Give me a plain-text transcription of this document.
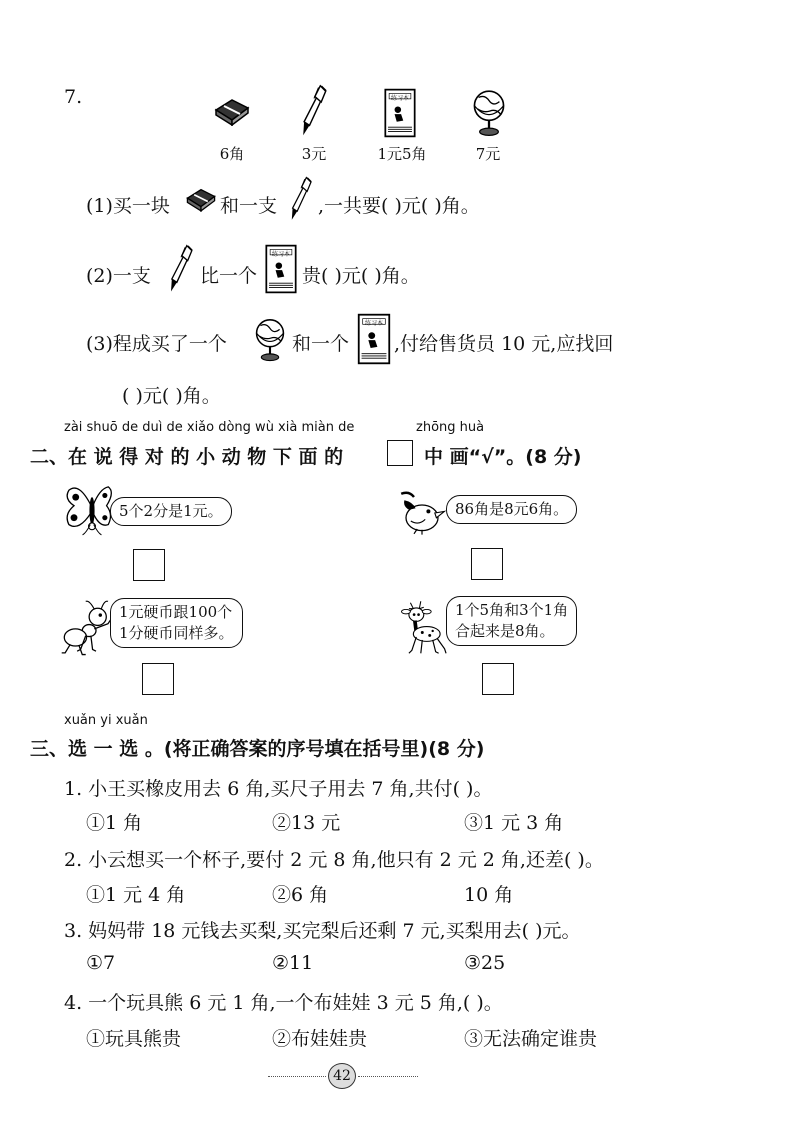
7.	练习本
6角	3元	1元5角	7元
(1)买一块	和一支 ,一共要( )元( )角。
(2)一支	比一个
练习本
贵( )元( )角。
(3)程成买了一个	和一个
练习本
,付给售货员 10 元,应找回
( )元( )角。
zài shuō de duì de xiǎo dòng wù xià miàn de	zhōng huà
二、在 说 得 对 的 小 动 物 下 面 的	中 画“√”。(8 分)
5个2分是1元。	86角是8元6角。
1元硬币跟100个
1分硬币同样多。
1个5角和3个1角
合起来是8角。
xuǎn yi xuǎn
三、选 一 选 。(将正确答案的序号填在括号里)(8 分)
1. 小王买橡皮用去 6 角,买尺子用去 7 角,共付( )。
①1 角	②13 元	③1 元 3 角
2. 小云想买一个杯子,要付 2 元 8 角,他只有 2 元 2 角,还差( )。
①1 元 4 角	②6 角	10 角
3. 妈妈带 18 元钱去买梨,买完梨后还剩 7 元,买梨用去( )元。
①7	②11	③25
4. 一个玩具熊 6 元 1 角,一个布娃娃 3 元 5 角,( )。
①玩具熊贵	②布娃娃贵	③无法确定谁贵
42
